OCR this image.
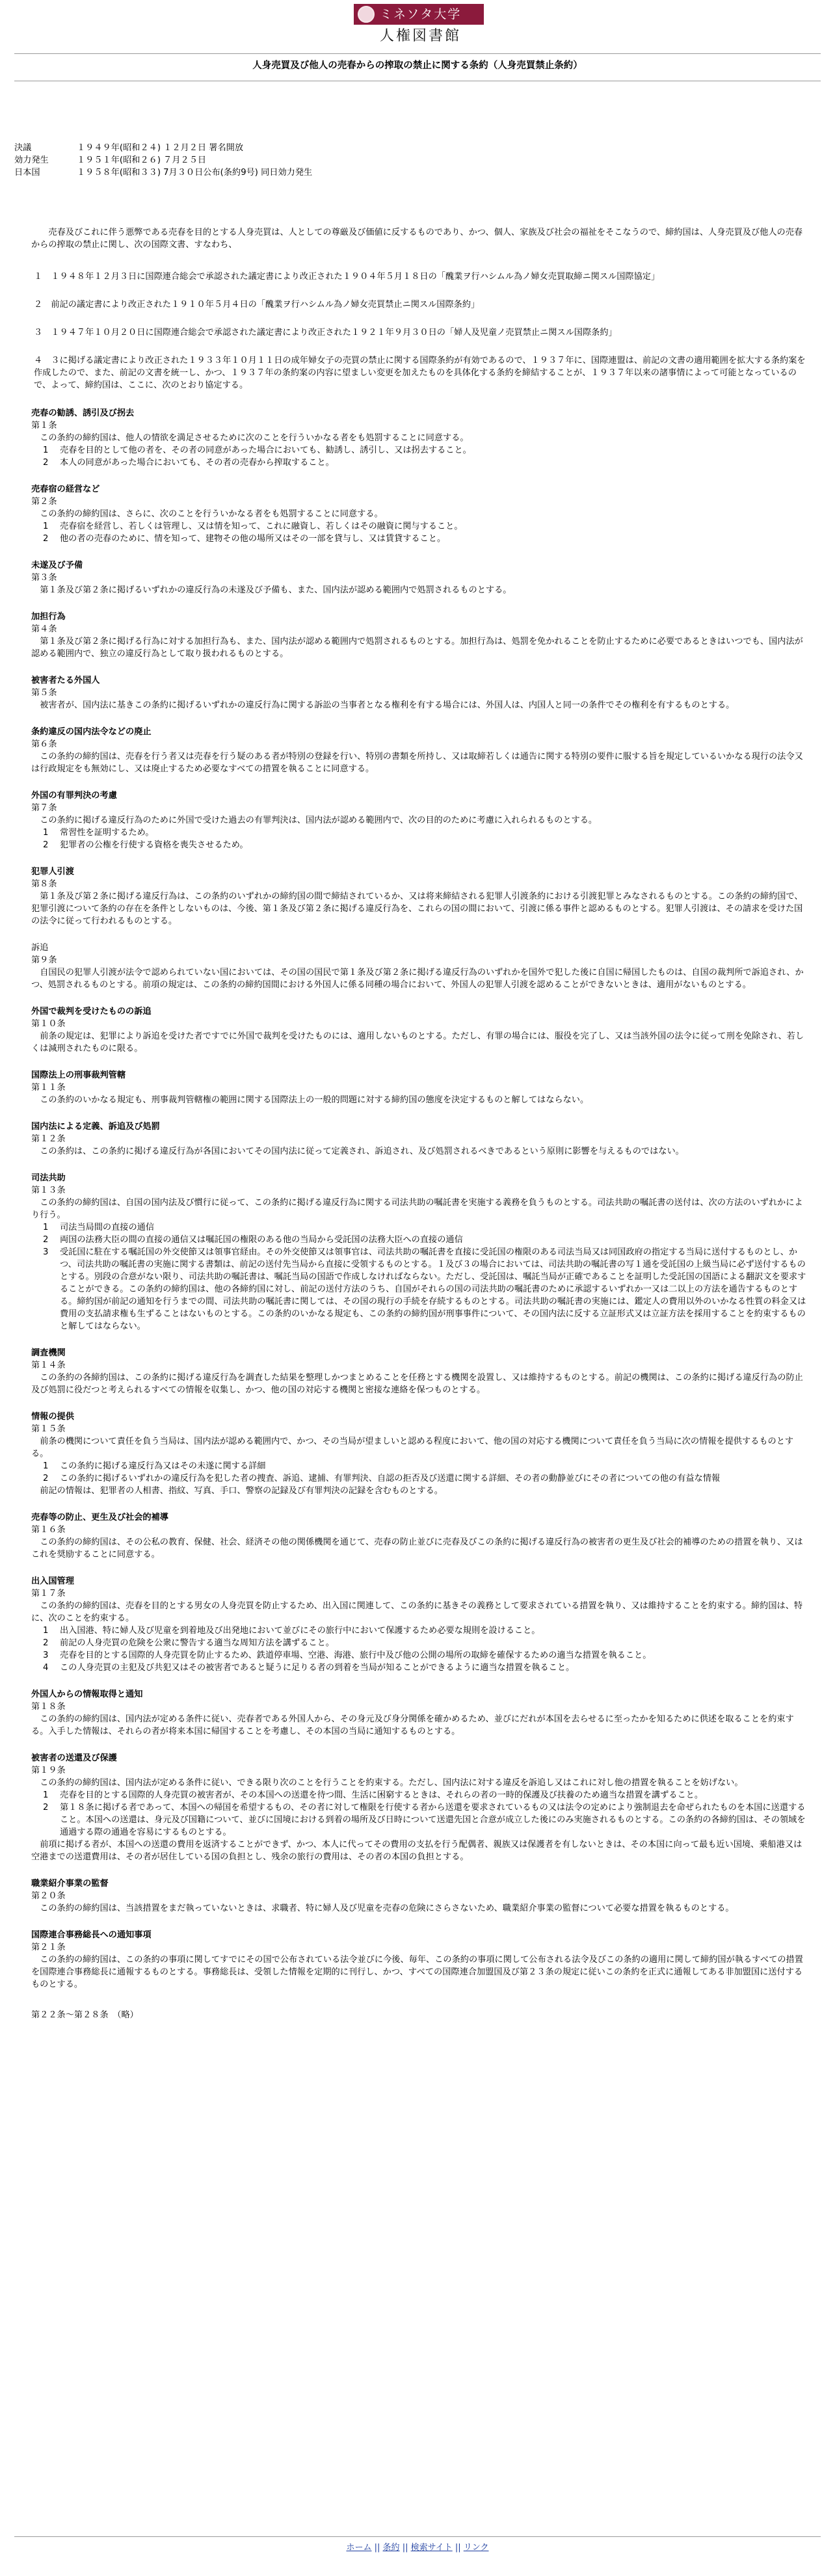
ミネソタ大学
人権図書館
人身売買及び他人の売春からの搾取の禁止に関する条約（人身売買禁止条約）
決議	１９４９年(昭和２４) １２月２日 署名開放
効力発生	１９５１年(昭和２６) ７月２５日
日本国	１９５８年(昭和３３) 7月３０日公布(条約9号) 同日効力発生
売春及びこれに伴う悪弊である売春を目的とする人身売買は、人としての尊厳及び価値に反するものであり、かつ、個人、家族及び社会の福祉をそこなうので、締約国は、人身売買及び他人の売春からの搾取の禁止に関し、次の国際文書、すなわち、
１　１９４８年１２月３日に国際連合総会で承認された議定書により改正された１９０４年５月１８日の「醜業ヲ行ハシムル為ノ婦女売買取締ニ関スル国際協定」
２　前記の議定書により改正された１９１０年５月４日の「醜業ヲ行ハシムル為ノ婦女売買禁止ニ関スル国際条約」
３　１９４７年１０月２０日に国際連合総会で承認された議定書により改正された１９２１年９月３０日の「婦人及児童ノ売買禁止ニ関スル国際条約」
４　３に掲げる議定書により改正された１９３３年１０月１１日の成年婦女子の売買の禁止に関する国際条約が有効であるので、１９３７年に、国際連盟は、前記の文書の適用範囲を拡大する条約案を作成したので、また、前記の文書を統一し、かつ、１９３７年の条約案の内容に望ましい変更を加えたものを具体化する条約を締結することが、１９３７年以来の諸事情によって可能となっているので、よって、締約国は、ここに、次のとおり協定する。
売春の勧誘、誘引及び拐去
第１条
この条約の締約国は、他人の情欲を満足させるために次のことを行ういかなる者をも処罰することに同意する。
1	売春を目的として他の者を、その者の同意があった場合においても、勧誘し、誘引し、又は拐去すること。
2	本人の同意があった場合においても、その者の売春から搾取すること。
売春宿の経営など
第２条
この条約の締約国は、さらに、次のことを行ういかなる者をも処罰することに同意する。
1	売春宿を経営し、若しくは管理し、又は情を知って、これに融資し、若しくはその融資に関与すること。
2	他の者の売春のために、情を知って、建物その他の場所又はその一部を貸与し、又は賃貸すること。
未遂及び予備
第３条
第１条及び第２条に掲げるいずれかの違反行為の未遂及び予備も、また、国内法が認める範囲内で処罰されるものとする。
加担行為
第４条
第１条及び第２条に掲げる行為に対する加担行為も、また、国内法が認める範囲内で処罰されるものとする。加担行為は、処罰を免かれることを防止するために必要であるときはいつでも、国内法が認める範囲内で、独立の違反行為として取り扱われるものとする。
被害者たる外国人
第５条
被害者が、国内法に基きこの条約に掲げるいずれかの違反行為に関する訴訟の当事者となる権利を有する場合には、外国人は、内国人と同一の条件でその権利を有するものとする。
条約違反の国内法令などの廃止
第６条
この条約の締約国は、売春を行う者又は売春を行う疑のある者が特別の登録を行い、特別の書類を所持し、又は取締若しくは通告に関する特別の要件に服する旨を規定しているいかなる現行の法令又は行政規定をも無効にし、又は廃止するため必要なすべての措置を執ることに同意する。
外国の有罪判決の考慮
第７条
この条約に掲げる違反行為のために外国で受けた過去の有罪判決は、国内法が認める範囲内で、次の目的のために考慮に入れられるものとする。
1	常習性を証明するため。
2	犯罪者の公権を行使する資格を喪失させるため。
犯罪人引渡
第８条
第１条及び第２条に掲げる違反行為は、この条約のいずれかの締約国の間で締結されているか、又は将来締結される犯罪人引渡条約における引渡犯罪とみなされるものとする。この条約の締約国で、犯罪引渡について条約の存在を条件としないものは、今後、第１条及び第２条に掲げる違反行為を、これらの国の間において、引渡に係る事件と認めるものとする。犯罪人引渡は、その請求を受けた国の法令に従って行われるものとする。
訴追
第９条
自国民の犯罪人引渡が法令で認められていない国においては、その国の国民で第１条及び第２条に掲げる違反行為のいずれかを国外で犯した後に自国に帰国したものは、自国の裁判所で訴追され、かつ、処罰されるものとする。前項の規定は、この条約の締約国間における外国人に係る同種の場合において、外国人の犯罪人引渡を認めることができないときは、適用がないものとする。
外国で裁判を受けたものの訴追
第１０条
前条の規定は、犯罪により訴追を受けた者ですでに外国で裁判を受けたものには、適用しないものとする。ただし、有罪の場合には、服役を完了し、又は当該外国の法令に従って刑を免除され、若しくは減刑されたものに限る。
国際法上の刑事裁判管轄
第１１条
この条約のいかなる規定も、刑事裁判管轄権の範囲に関する国際法上の一般的問題に対する締約国の態度を決定するものと解してはならない。
国内法による定義、訴追及び処罰
第１２条
この条約は、この条約に掲げる違反行為が各国においてその国内法に従って定義され、訴追され、及び処罰されるべきであるという原則に影響を与えるものではない。
司法共助
第１３条
この条約の締約国は、自国の国内法及び慣行に従って、この条約に掲げる違反行為に関する司法共助の嘱託書を実施する義務を負うものとする。司法共助の嘱託書の送付は、次の方法のいずれかにより行う。
1	司法当局間の直接の通信
2	両国の法務大臣の間の直接の通信又は嘱託国の権限のある他の当局から受託国の法務大臣への直接の通信
3	受託国に駐在する嘱託国の外交使節又は領事官経由。その外交使節又は領事官は、司法共助の嘱託書を直接に受託国の権限のある司法当局又は同国政府の指定する当局に送付するものとし、かつ、司法共助の嘱託書の実施に関する書類は、前記の送付先当局から直接に受領するものとする。１及び３の場合においては、司法共助の嘱託書の写１通を受託国の上級当局に必ず送付するものとする。別段の合意がない限り、司法共助の嘱託書は、嘱託当局の国語で作成しなければならない。ただし、受託国は、嘱託当局が正確であることを証明した受託国の国語による翻訳文を要求することができる。この条約の締約国は、他の各締約国に対し、前記の送付方法のうち、自国がそれらの国の司法共助の嘱託書のために承認するいずれか一又は二以上の方法を通告するものとする。締約国が前記の通知を行うまでの間、司法共助の嘱託書に関しては、その国の現行の手続を存続するものとする。司法共助の嘱託書の実施には、鑑定人の費用以外のいかなる性質の料金又は費用の支払請求権も生ずることはないものとする。この条約のいかなる規定も、この条約の締約国が刑事事件について、その国内法に反する立証形式又は立証方法を採用することを約束するものと解してはならない。
調査機関
第１４条
この条約の各締約国は、この条約に掲げる違反行為を調査した結果を整理しかつまとめることを任務とする機関を設置し、又は維持するものとする。前記の機関は、この条約に掲げる違反行為の防止及び処罰に役だつと考えられるすべての情報を収集し、かつ、他の国の対応する機関と密接な連絡を保つものとする。
情報の提供
第１５条
前条の機関について責任を負う当局は、国内法が認める範囲内で、かつ、その当局が望ましいと認める程度において、他の国の対応する機関について責任を負う当局に次の情報を提供するものとする。
1	この条約に掲げる違反行為又はその未遂に関する詳細
2	この条約に掲げるいずれかの違反行為を犯した者の捜査、訴追、逮捕、有罪判決、自認の拒否及び送還に関する詳細、その者の動静並びにその者についての他の有益な情報
前記の情報は、犯罪者の人相書、指紋、写真、手口、警察の記録及び有罪判決の記録を含むものとする。
売春等の防止、更生及び社会的補導
第１６条
この条約の締約国は、その公私の教育、保健、社会、経済その他の関係機関を通じて、売春の防止並びに売春及びこの条約に掲げる違反行為の被害者の更生及び社会的補導のための措置を執り、又はこれを奨励することに同意する。
出入国管理
第１７条
この条約の締約国は、売春を目的とする男女の人身売買を防止するため、出入国に関連して、この条約に基きその義務として要求されている措置を執り、又は維持することを約束する。締約国は、特に、次のことを約束する。
1	出入国港、特に婦人及び児童を到着地及び出発地において並びにその旅行中において保護するため必要な規則を設けること。
2	前記の人身売買の危険を公衆に警告する適当な周知方法を講ずること。
3	売春を目的とする国際的人身売買を防止するため、鉄道停車場、空港、海港、旅行中及び他の公開の場所の取締を確保するための適当な措置を執ること。
4	この人身売買の主犯及び共犯又はその被害者であると疑うに足りる者の到着を当局が知ることができるように適当な措置を執ること。
外国人からの情報取得と通知
第１８条
この条約の締約国は、国内法が定める条件に従い、売春者である外国人から、その身元及び身分関係を確かめるため、並びにだれが本国を去らせるに至ったかを知るために供述を取ることを約束する。入手した情報は、それらの者が将来本国に帰国することを考慮し、その本国の当局に通知するものとする。
被害者の送還及び保護
第１９条
この条約の締約国は、国内法が定める条件に従い、できる限り次のことを行うことを約束する。ただし、国内法に対する違反を訴追し又はこれに対し他の措置を執ることを妨げない。
1	売春を目的とする国際的人身売買の被害者が、その本国への送還を待つ間、生活に困窮するときは、それらの者の一時的保護及び扶養のため適当な措置を講ずること。
2	第１８条に掲げる者であって、本国への帰国を希望するもの、その者に対して権限を行使する者から送還を要求されているもの又は法令の定めにより強制退去を命ぜられたものを本国に送還すること。本国への送還は、身元及び国籍について、並びに国境における到着の場所及び日時について送還先国と合意が成立した後にのみ実施されるものとする。この条約の各締約国は、その領域を通過する際の通過を容易にするものとする。
前項に掲げる者が、本国への送還の費用を返済することができず、かつ、本人に代ってその費用の支払を行う配偶者、親族又は保護者を有しないときは、その本国に向って最も近い国境、乗船港又は空港までの送還費用は、その者が居住している国の負担とし、残余の旅行の費用は、その者の本国の負担とする。
職業紹介事業の監督
第２０条
この条約の締約国は、当該措置をまだ執っていないときは、求職者、特に婦人及び児童を売春の危険にさらさないため、職業紹介事業の監督について必要な措置を執るものとする。
国際連合事務総長への通知事項
第２１条
この条約の締約国は、この条約の事項に関してすでにその国で公布されている法令並びに今後、毎年、この条約の事項に関して公布される法令及びこの条約の適用に関して締約国が執るすべての措置を国際連合事務総長に通報するものとする。事務総長は、受領した情報を定期的に刊行し、かつ、すべての国際連合加盟国及び第２３条の規定に従いこの条約を正式に通報してある非加盟国に送付するものとする。
第２２条〜第２８条　（略）
ホーム || 条約 || 検索サイト || リンク
